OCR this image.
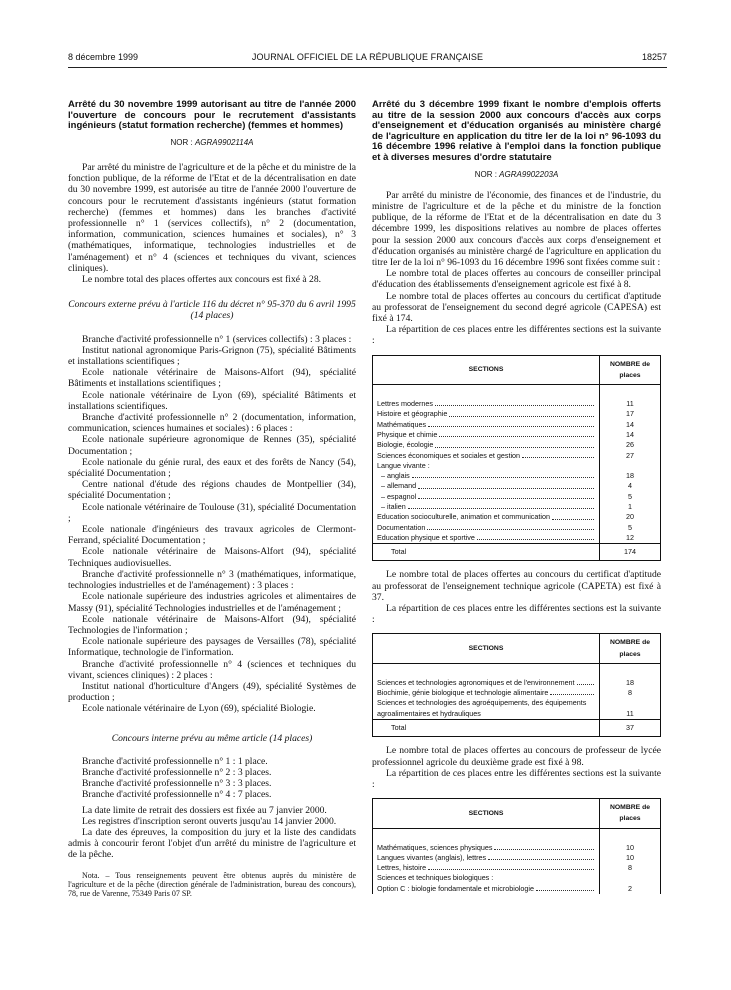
8 décembre 1999	JOURNAL OFFICIEL DE LA RÉPUBLIQUE FRANÇAISE	18257

Arrêté du 30 novembre 1999 autorisant au titre de l'année 2000 l'ouverture de concours pour le recrutement d'assistants ingénieurs (statut formation recherche) (femmes et hommes)

NOR : AGRA9902114A

Par arrêté du ministre de l'agriculture et de la pêche et du ministre de la fonction publique, de la réforme de l'Etat et de la décentralisation en date du 30 novembre 1999, est autorisée au titre de l'année 2000 l'ouverture de concours pour le recrutement d'assistants ingénieurs (statut formation recherche) (femmes et hommes) dans les branches d'activité professionnelle n° 1 (services collectifs), n° 2 (documentation, information, communication, sciences humaines et sociales), n° 3 (mathématiques, informatique, technologies industrielles et de l'aménagement) et n° 4 (sciences et techniques du vivant, sciences cliniques).

Le nombre total des places offertes aux concours est fixé à 28.

Concours externe prévu à l'article 116 du décret n° 95-370 du 6 avril 1995 (14 places)

Branche d'activité professionnelle n° 1 (services collectifs) : 3 places :

Institut national agronomique Paris-Grignon (75), spécialité Bâtiments et installations scientifiques ;

Ecole nationale vétérinaire de Maisons-Alfort (94), spécialité Bâtiments et installations scientifiques ;

Ecole nationale vétérinaire de Lyon (69), spécialité Bâtiments et installations scientifiques.

Branche d'activité professionnelle n° 2 (documentation, information, communication, sciences humaines et sociales) : 6 places :

Ecole nationale supérieure agronomique de Rennes (35), spécialité Documentation ;

Ecole nationale du génie rural, des eaux et des forêts de Nancy (54), spécialité Documentation ;

Centre national d'étude des régions chaudes de Montpellier (34), spécialité Documentation ;

Ecole nationale vétérinaire de Toulouse (31), spécialité Documentation ;

Ecole nationale d'ingénieurs des travaux agricoles de Clermont-Ferrand, spécialité Documentation ;

Ecole nationale vétérinaire de Maisons-Alfort (94), spécialité Techniques audiovisuelles.

Branche d'activité professionnelle n° 3 (mathématiques, informatique, technologies industrielles et de l'aménagement) : 3 places :

Ecole nationale supérieure des industries agricoles et alimentaires de Massy (91), spécialité Technologies industrielles et de l'aménagement ;

Ecole nationale vétérinaire de Maisons-Alfort (94), spécialité Technologies de l'information ;

Ecole nationale supérieure des paysages de Versailles (78), spécialité Informatique, technologie de l'information.

Branche d'activité professionnelle n° 4 (sciences et techniques du vivant, sciences cliniques) : 2 places :

Institut national d'horticulture d'Angers (49), spécialité Systèmes de production ;

Ecole nationale vétérinaire de Lyon (69), spécialité Biologie.

Concours interne prévu au même article (14 places)

Branche d'activité professionnelle n° 1 : 1 place.

Branche d'activité professionnelle n° 2 : 3 places.

Branche d'activité professionnelle n° 3 : 3 places.

Branche d'activité professionnelle n° 4 : 7 places.

La date limite de retrait des dossiers est fixée au 7 janvier 2000.

Les registres d'inscription seront ouverts jusqu'au 14 janvier 2000.

La date des épreuves, la composition du jury et la liste des candidats admis à concourir feront l'objet d'un arrêté du ministre de l'agriculture et de la pêche.

Nota. – Tous renseignements peuvent être obtenus auprès du ministère de l'agriculture et de la pêche (direction générale de l'administration, bureau des concours), 78, rue de Varenne, 75349 Paris 07 SP.

Arrêté du 3 décembre 1999 fixant le nombre d'emplois offerts au titre de la session 2000 aux concours d'accès aux corps d'enseignement et d'éducation organisés au ministère chargé de l'agriculture en application du titre Ier de la loi n° 96-1093 du 16 décembre 1996 relative à l'emploi dans la fonction publique et à diverses mesures d'ordre statutaire

NOR : AGRA9902203A

Par arrêté du ministre de l'économie, des finances et de l'industrie, du ministre de l'agriculture et de la pêche et du ministre de la fonction publique, de la réforme de l'Etat et de la décentralisation en date du 3 décembre 1999, les dispositions relatives au nombre de places offertes pour la session 2000 aux concours d'accès aux corps d'enseignement et d'éducation organisés au ministère chargé de l'agriculture en application du titre Ier de la loi n° 96-1093 du 16 décembre 1996 sont fixées comme suit :

Le nombre total de places offertes au concours de conseiller principal d'éducation des établissements d'enseignement agricole est fixé à 8.

Le nombre total de places offertes au concours du certificat d'aptitude au professorat de l'enseignement du second degré agricole (CAPESA) est fixé à 174.

La répartition de ces places entre les différentes sections est la suivante :

SECTIONS	NOMBRE de places

Lettres modernes	11

Histoire et géographie	17

Mathématiques	14

Physique et chimie	14

Biologie, écologie	26

Sciences économiques et sociales et gestion	27

Langue vivante :	

– anglais	18

– allemand	4

– espagnol	5

– italien	1

Education socioculturelle, animation et communication	20

Documentation	5

Education physique et sportive	12
Total	174

Le nombre total de places offertes au concours du certificat d'aptitude au professorat de l'enseignement technique agricole (CAPETA) est fixé à 37.

La répartition de ces places entre les différentes sections est la suivante :

SECTIONS	NOMBRE de places

Sciences et technologies agronomiques et de l'environnement	18

Biochimie, génie biologique et technologie alimentaire	8

Sciences et technologies des agroéquipements, des équipements agroalimentaires et hydrauliques	11
Total	37

Le nombre total de places offertes au concours de professeur de lycée professionnel agricole du deuxième grade est fixé à 98.

La répartition de ces places entre les différentes sections est la suivante :

SECTIONS	NOMBRE de places

Mathématiques, sciences physiques	10

Langues vivantes (anglais), lettres	10

Lettres, histoire	8

Sciences et techniques biologiques :	

Option C : biologie fondamentale et microbiologie	2
